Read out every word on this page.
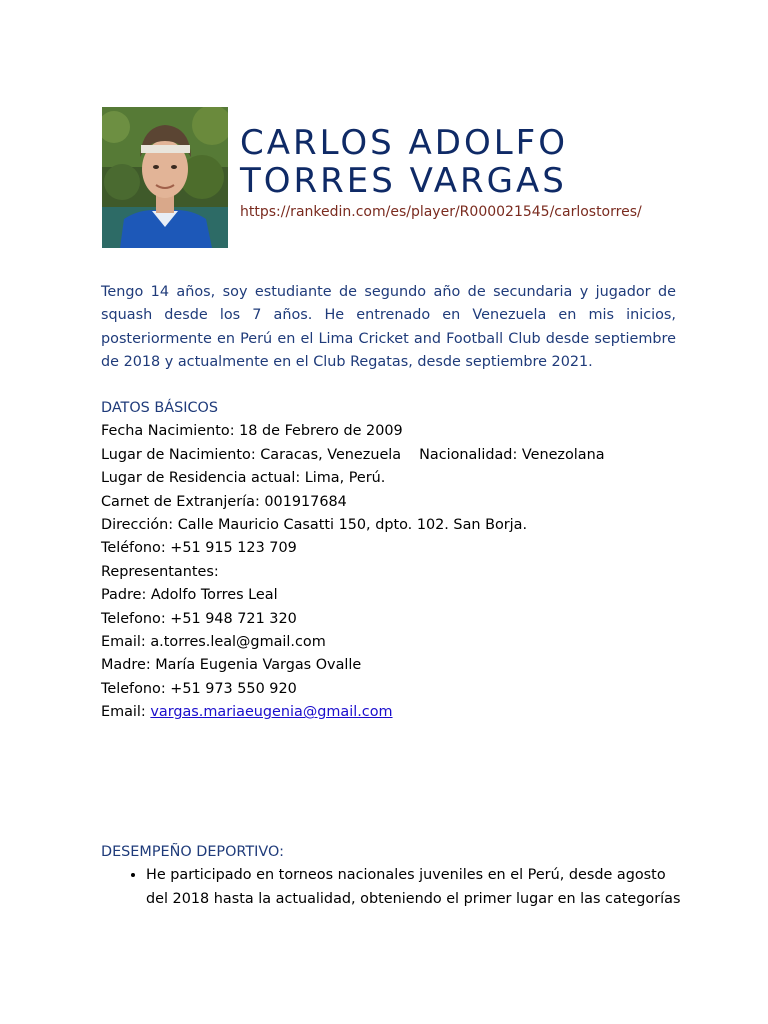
CARLOS ADOLFO
TORRES VARGAS
https://rankedin.com/es/player/R000021545/carlostorres/

Tengo 14 años, soy estudiante de segundo año de secundaria y jugador de squash desde los 7 años. He entrenado en Venezuela en mis inicios, posteriormente en Perú en el Lima Cricket and Football Club desde septiembre de 2018 y actualmente en el Club Regatas, desde septiembre 2021.

DATOS BÁSICOS
Fecha Nacimiento: 18 de Febrero de 2009
Lugar de Nacimiento: Caracas, Venezuela Nacionalidad: Venezolana
Lugar de Residencia actual: Lima, Perú.
Carnet de Extranjería: 001917684
Dirección: Calle Mauricio Casatti 150, dpto. 102. San Borja.
Teléfono: +51 915 123 709
Representantes:
Padre: Adolfo Torres Leal
Telefono: +51 948 721 320
Email: a.torres.leal@gmail.com
Madre: María Eugenia Vargas Ovalle
Telefono: +51 973 550 920
Email: vargas.mariaeugenia@gmail.com
DESEMPEÑO DEPORTIVO:
• He participado en torneos nacionales juveniles en el Perú, desde agosto del 2018 hasta la actualidad, obteniendo el primer lugar en las categorías
